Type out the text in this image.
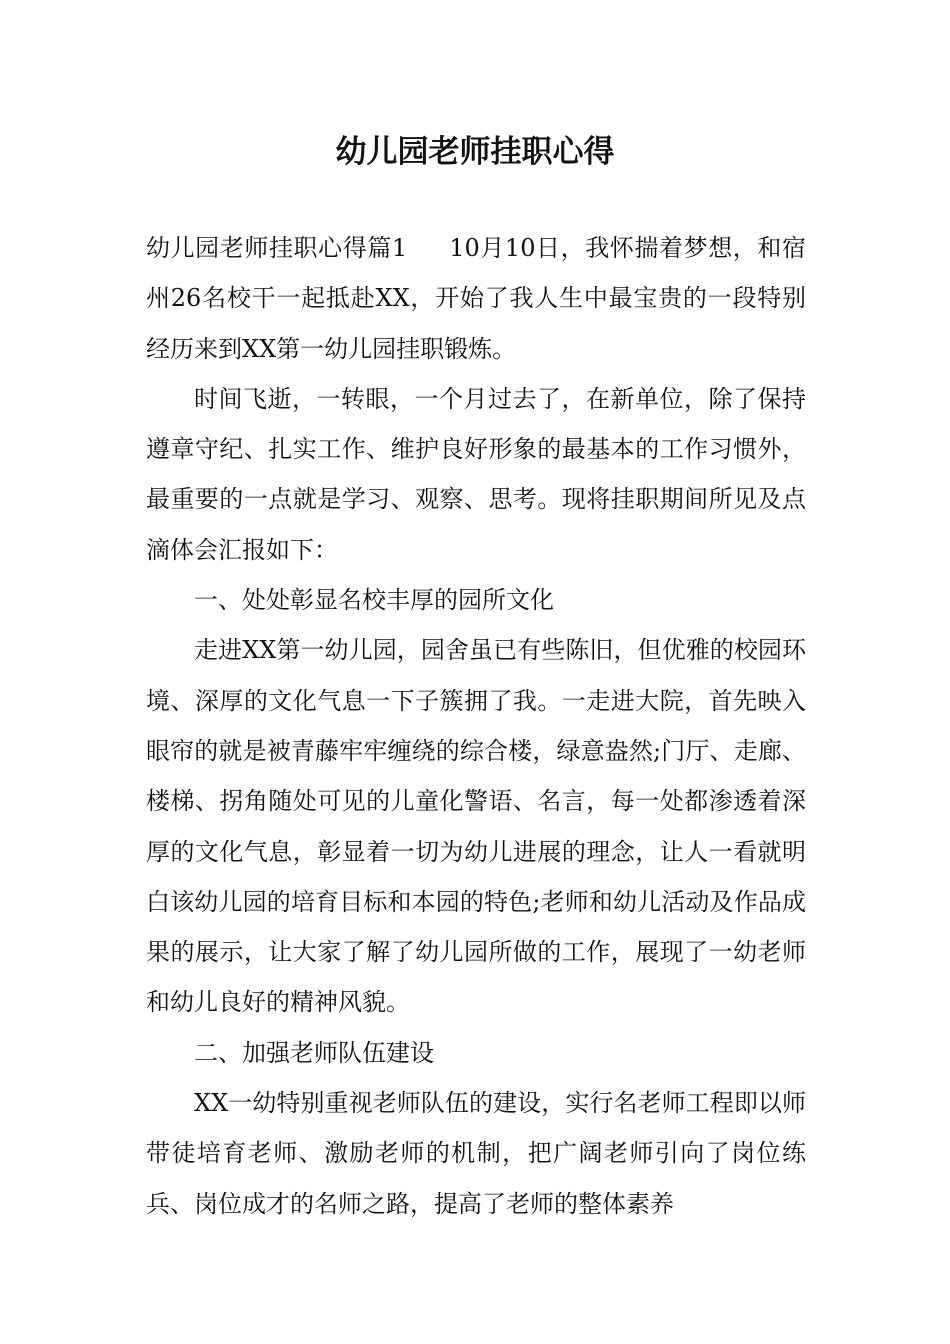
幼儿园老师挂职心得

幼儿园老师挂职心得篇1 10月10日，我怀揣着梦想，和宿州26名校干一起抵赴XX，开始了我人生中最宝贵的一段特别经历来到XX第一幼儿园挂职锻炼。

时间飞逝，一转眼，一个月过去了，在新单位，除了保持遵章守纪、扎实工作、维护良好形象的最基本的工作习惯外，最重要的一点就是学习、观察、思考。现将挂职期间所见及点滴体会汇报如下：

一、处处彰显名校丰厚的园所文化

走进XX第一幼儿园，园舍虽已有些陈旧，但优雅的校园环境、深厚的文化气息一下子簇拥了我。一走进大院，首先映入眼帘的就是被青藤牢牢缠绕的综合楼，绿意盎然;门厅、走廊、楼梯、拐角随处可见的儿童化警语、名言，每一处都渗透着深厚的文化气息，彰显着一切为幼儿进展的理念，让人一看就明白该幼儿园的培育目标和本园的特色;老师和幼儿活动及作品成果的展示，让大家了解了幼儿园所做的工作，展现了一幼老师和幼儿良好的精神风貌。

二、加强老师队伍建设

XX一幼特别重视老师队伍的建设，实行名老师工程即以师带徒培育老师、激励老师的机制，把广阔老师引向了岗位练兵、岗位成才的名师之路，提高了老师的整体素养
